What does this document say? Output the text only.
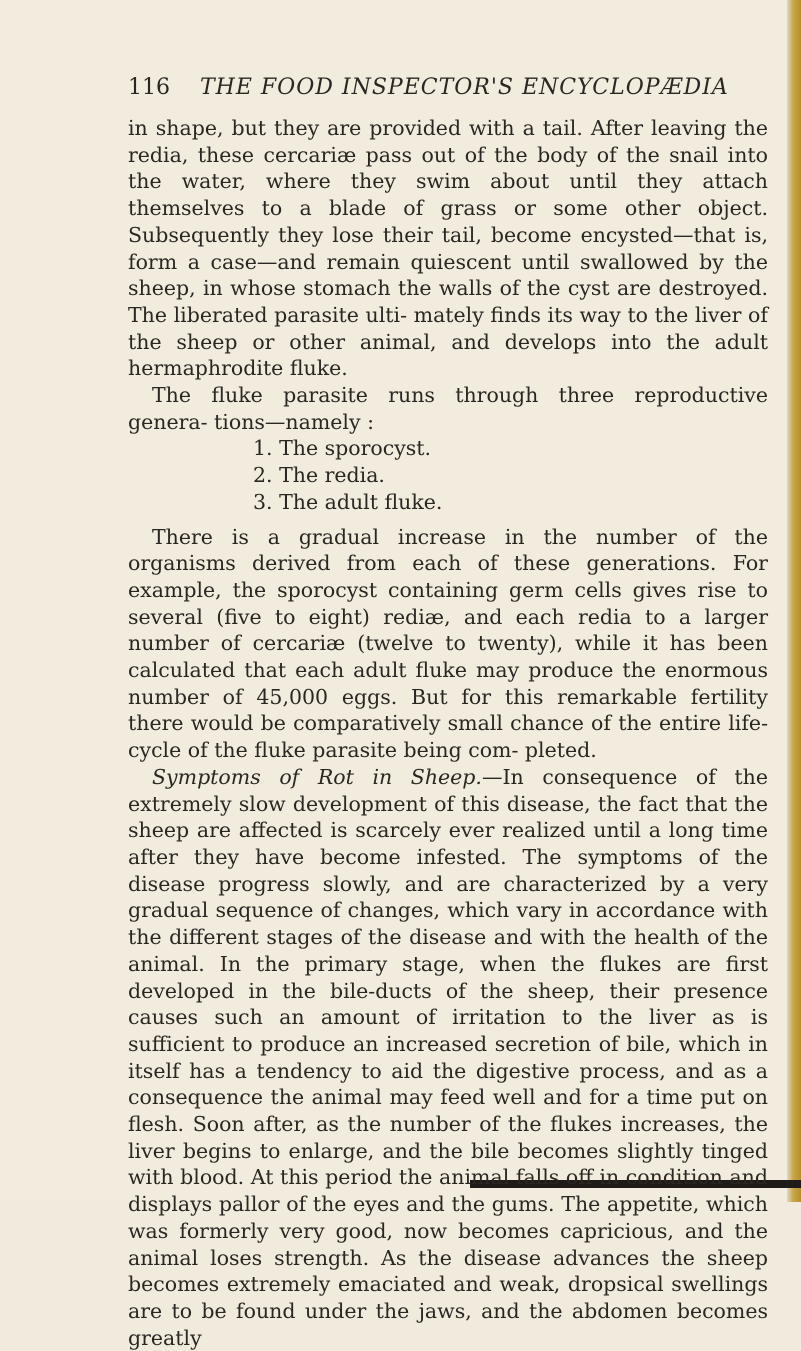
116 THE FOOD INSPECTOR'S ENCYCLOPÆDIA

in shape, but they are provided with a tail. After leaving the redia, these cercariæ pass out of the body of the snail into the water, where they swim about until they attach themselves to a blade of grass or some other object. Subsequently they lose their tail, become encysted—that is, form a case—and remain quiescent until swallowed by the sheep, in whose stomach the walls of the cyst are destroyed. The liberated parasite ulti- mately finds its way to the liver of the sheep or other animal, and develops into the adult hermaphrodite fluke.

The fluke parasite runs through three reproductive genera- tions—namely :

1. The sporocyst.
2. The redia.
3. The adult fluke.

There is a gradual increase in the number of the organisms derived from each of these generations. For example, the sporocyst containing germ cells gives rise to several (five to eight) rediæ, and each redia to a larger number of cercariæ (twelve to twenty), while it has been calculated that each adult fluke may produce the enormous number of 45,000 eggs. But for this remarkable fertility there would be comparatively small chance of the entire life-cycle of the fluke parasite being com- pleted.

Symptoms of Rot in Sheep.—In consequence of the extremely slow development of this disease, the fact that the sheep are affected is scarcely ever realized until a long time after they have become infested. The symptoms of the disease progress slowly, and are characterized by a very gradual sequence of changes, which vary in accordance with the different stages of the disease and with the health of the animal. In the primary stage, when the flukes are first developed in the bile-ducts of the sheep, their presence causes such an amount of irritation to the liver as is sufficient to produce an increased secretion of bile, which in itself has a tendency to aid the digestive process, and as a consequence the animal may feed well and for a time put on flesh. Soon after, as the number of the flukes increases, the liver begins to enlarge, and the bile becomes slightly tinged with blood. At this period the animal falls off in condition and displays pallor of the eyes and the gums. The appetite, which was formerly very good, now becomes capricious, and the animal loses strength. As the disease advances the sheep becomes extremely emaciated and weak, dropsical swellings are to be found under the jaws, and the abdomen becomes greatly
